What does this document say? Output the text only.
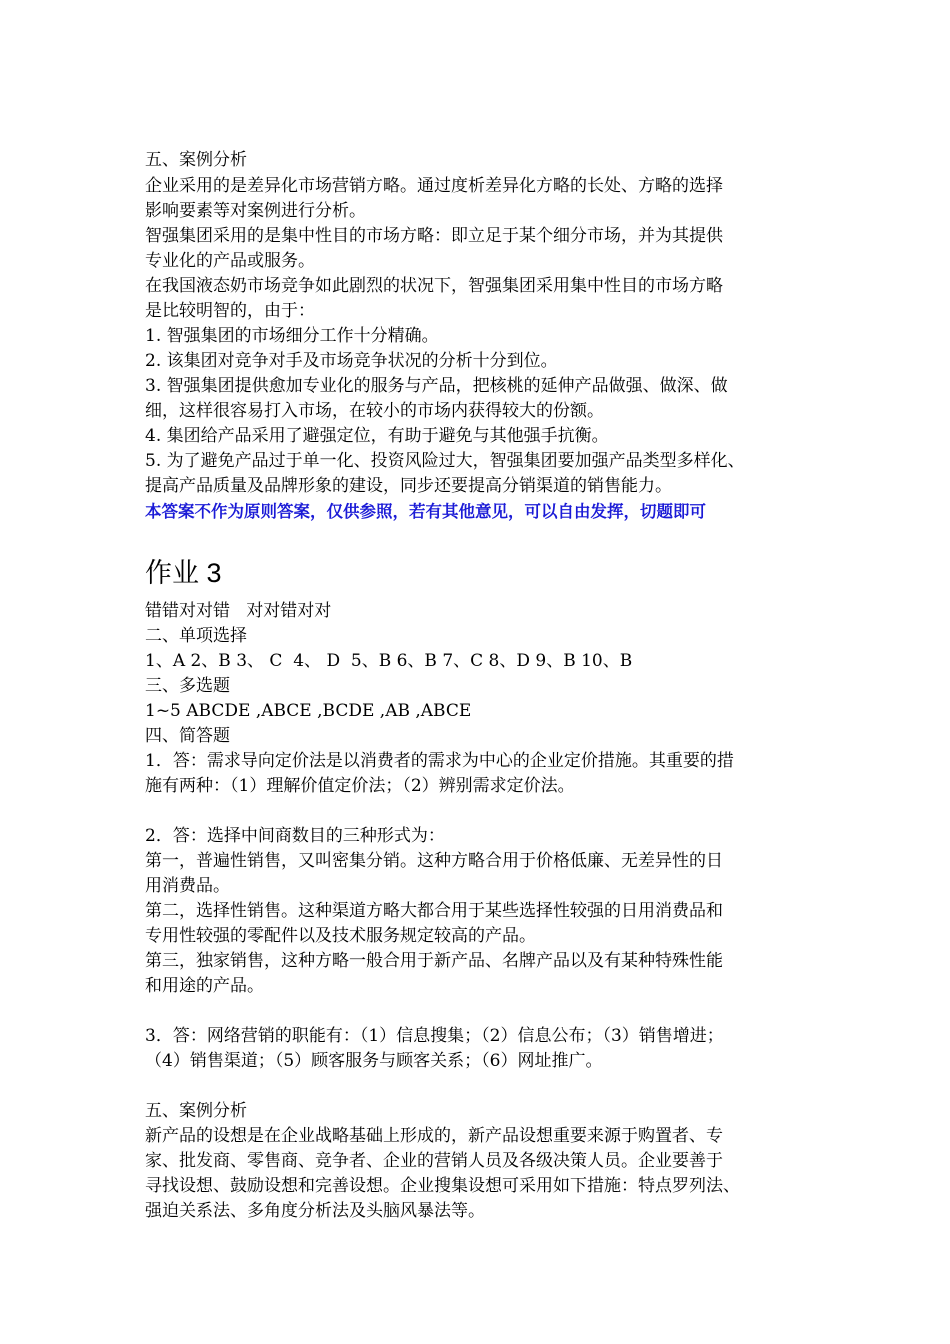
五、案例分析

企业采用的是差异化市场营销方略。通过度析差异化方略的长处、方略的选择

影响要素等对案例进行分析。

智强集团采用的是集中性目的市场方略：即立足于某个细分市场，并为其提供

专业化的产品或服务。

在我国液态奶市场竞争如此剧烈的状况下，智强集团采用集中性目的市场方略

是比较明智的，由于：

1. 智强集团的市场细分工作十分精确。

2. 该集团对竞争对手及市场竞争状况的分析十分到位。

3. 智强集团提供愈加专业化的服务与产品，把核桃的延伸产品做强、做深、做

细，这样很容易打入市场，在较小的市场内获得较大的份额。

4. 集团给产品采用了避强定位，有助于避免与其他强手抗衡。

5. 为了避免产品过于单一化、投资风险过大，智强集团要加强产品类型多样化、

提高产品质量及品牌形象的建设，同步还要提高分销渠道的销售能力。

本答案不作为原则答案，仅供参照，若有其他意见，可以自由发挥，切题即可

作业 3

错错对对错   对对错对对

二、单项选择

1、A 2、B 3、 C  4、 D  5、B 6、B 7、C 8、D 9、B 10、B

三、多选题

1~5 ABCDE ,ABCE ,BCDE ,AB ,ABCE

四、简答题

1．答：需求导向定价法是以消费者的需求为中心的企业定价措施。其重要的措

施有两种：（1）理解价值定价法；（2）辨别需求定价法。

2．答：选择中间商数目的三种形式为：

第一，普遍性销售，又叫密集分销。这种方略合用于价格低廉、无差异性的日

用消费品。

第二，选择性销售。这种渠道方略大都合用于某些选择性较强的日用消费品和

专用性较强的零配件以及技术服务规定较高的产品。

第三，独家销售，这种方略一般合用于新产品、名牌产品以及有某种特殊性能

和用途的产品。

3．答：网络营销的职能有：（1）信息搜集；（2）信息公布；（3）销售增进；

（4）销售渠道；（5）顾客服务与顾客关系；（6）网址推广。

五、案例分析

新产品的设想是在企业战略基础上形成的，新产品设想重要来源于购置者、专

家、批发商、零售商、竞争者、企业的营销人员及各级决策人员。企业要善于

寻找设想、鼓励设想和完善设想。企业搜集设想可采用如下措施：特点罗列法、

强迫关系法、多角度分析法及头脑风暴法等。
